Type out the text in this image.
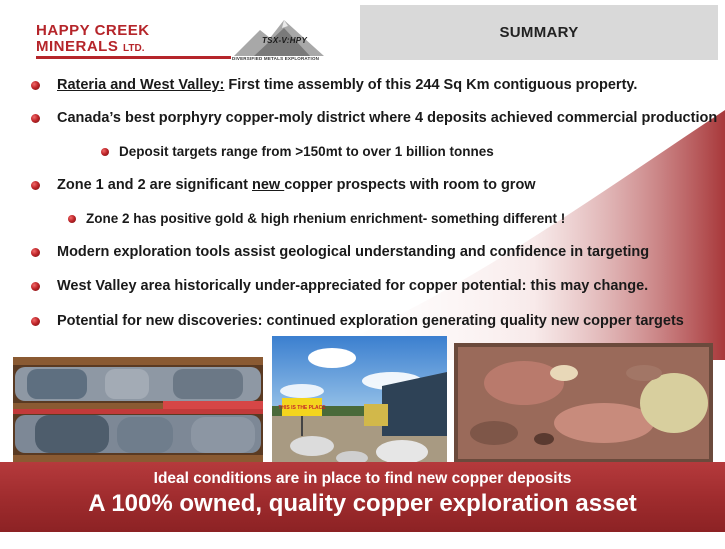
HAPPY CREEK
MINERALS LTD.
TSX-V:HPY
DIVERSIFIED METALS EXPLORATION
SUMMARY
Rateria and West Valley: First time assembly of this 244 Sq Km contiguous property.
Canada’s best porphyry copper-moly district where 4 deposits achieved commercial production
Deposit targets range from >150mt to over 1 billion tonnes
Zone 1 and 2 are significant new copper prospects with room to grow
Zone 2 has positive gold & high rhenium enrichment- something different !
Modern exploration tools assist geological understanding and confidence in targeting
West Valley area historically under-appreciated for copper potential: this may change.
Potential for new discoveries: continued exploration generating quality new copper targets
THIS IS THE PLACE
Ideal conditions are in place to find new copper deposits
A 100% owned, quality copper exploration asset
